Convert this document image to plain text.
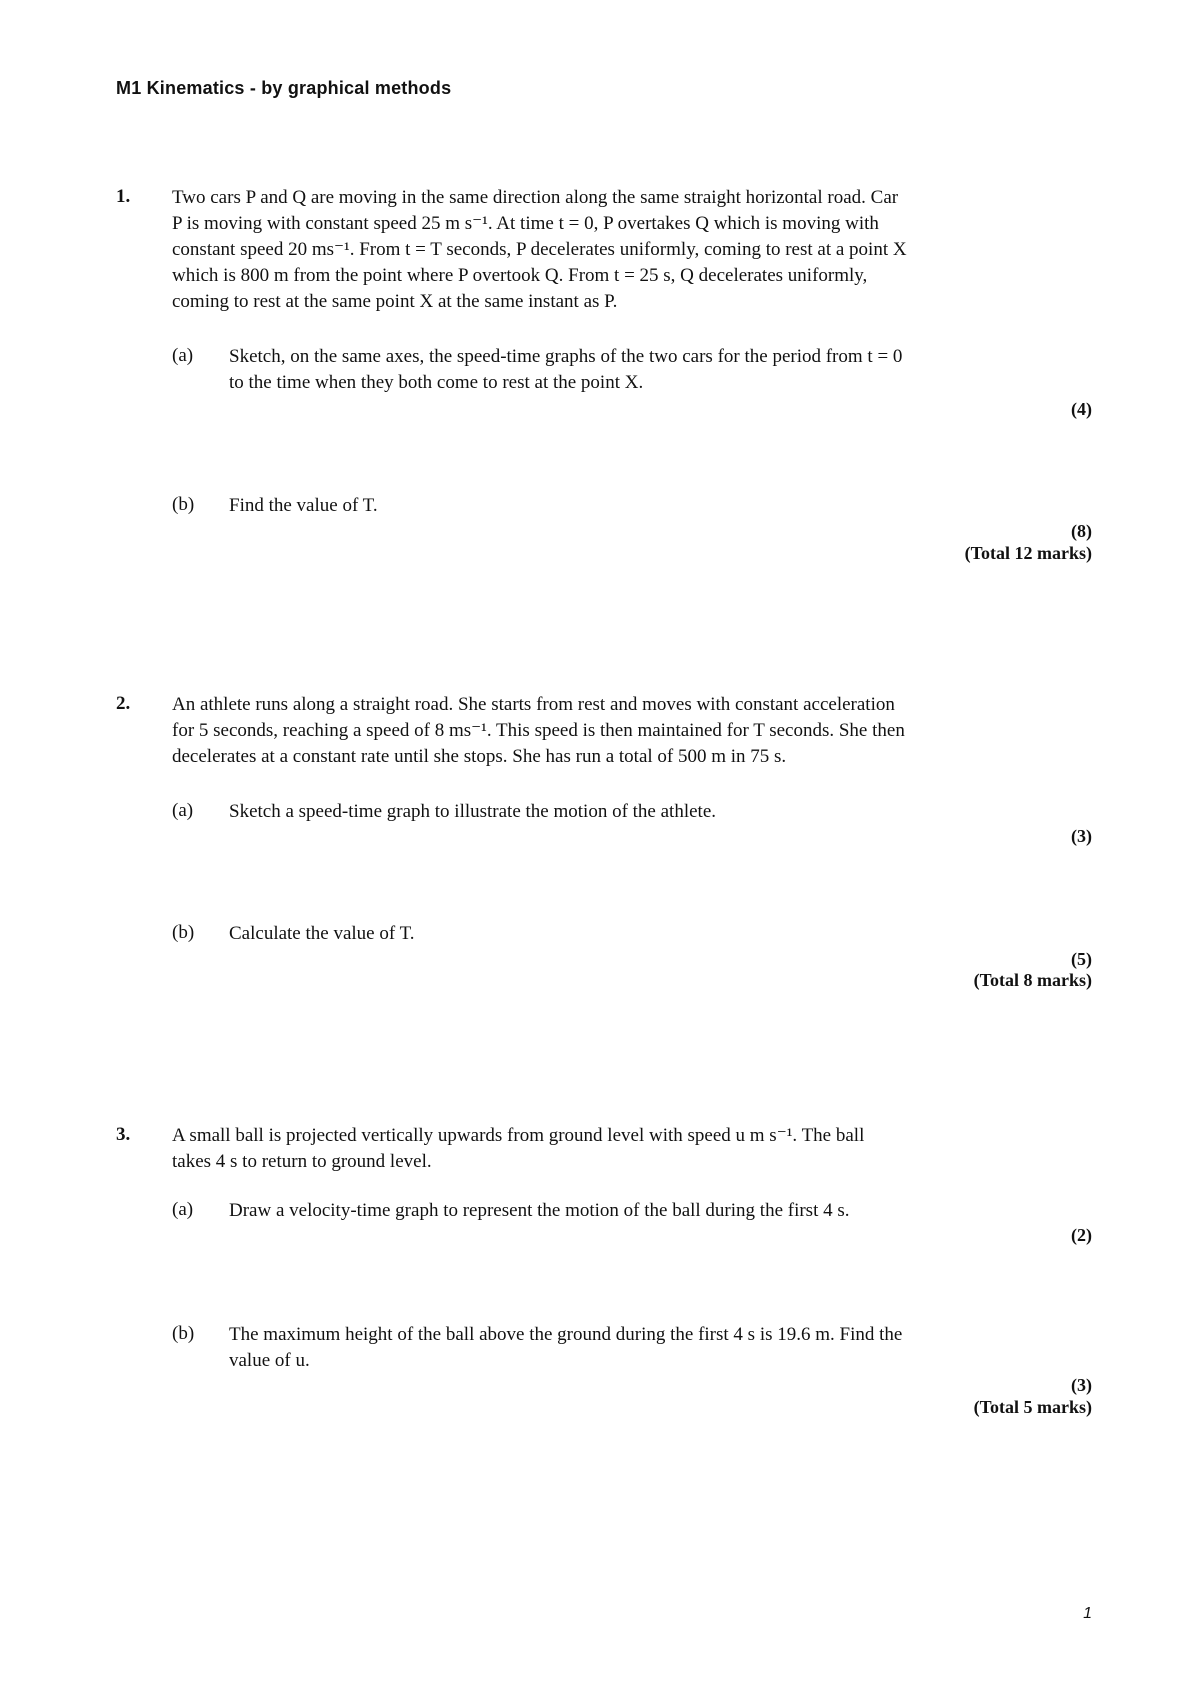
M1 Kinematics - by graphical methods
1. Two cars P and Q are moving in the same direction along the same straight horizontal road. Car
P is moving with constant speed 25 m s⁻¹. At time t = 0, P overtakes Q which is moving with
constant speed 20 ms⁻¹. From t = T seconds, P decelerates uniformly, coming to rest at a point X
which is 800 m from the point where P overtook Q. From t = 25 s, Q decelerates uniformly,
coming to rest at the same point X at the same instant as P.
(a) Sketch, on the same axes, the speed-time graphs of the two cars for the period from t = 0
to the time when they both come to rest at the point X.
(4)
(b) Find the value of T.
(8)
(Total 12 marks)
2. An athlete runs along a straight road. She starts from rest and moves with constant acceleration
for 5 seconds, reaching a speed of 8 ms⁻¹. This speed is then maintained for T seconds. She then
decelerates at a constant rate until she stops. She has run a total of 500 m in 75 s.
(a) Sketch a speed-time graph to illustrate the motion of the athlete.
(3)
(b) Calculate the value of T.
(5)
(Total 8 marks)
3. A small ball is projected vertically upwards from ground level with speed u m s⁻¹. The ball
takes 4 s to return to ground level.
(a) Draw a velocity-time graph to represent the motion of the ball during the first 4 s.
(2)
(b) The maximum height of the ball above the ground during the first 4 s is 19.6 m. Find the
value of u.
(3)
(Total 5 marks)
1
